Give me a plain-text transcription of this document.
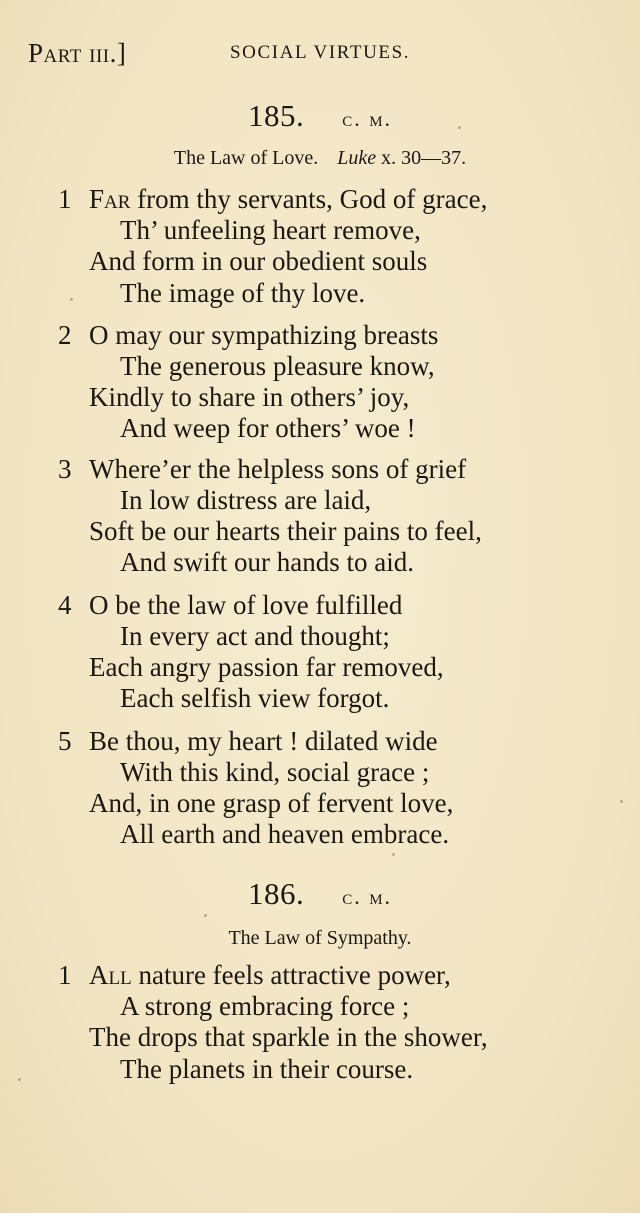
Part iii.]	SOCIAL VIRTUES.
185. c. m.
The Law of Love. Luke x. 30—37.
1 Far from thy servants, God of grace,
Th’ unfeeling heart remove,
And form in our obedient souls
The image of thy love.
2 O may our sympathizing breasts
The generous pleasure know,
Kindly to share in others’ joy,
And weep for others’ woe !
3 Where’er the helpless sons of grief
In low distress are laid,
Soft be our hearts their pains to feel,
And swift our hands to aid.
4 O be the law of love fulfilled
In every act and thought;
Each angry passion far removed,
Each selfish view forgot.
5 Be thou, my heart ! dilated wide
With this kind, social grace ;
And, in one grasp of fervent love,
All earth and heaven embrace.
186. c. m.
The Law of Sympathy.
1 All nature feels attractive power,
A strong embracing force ;
The drops that sparkle in the shower,
The planets in their course.
